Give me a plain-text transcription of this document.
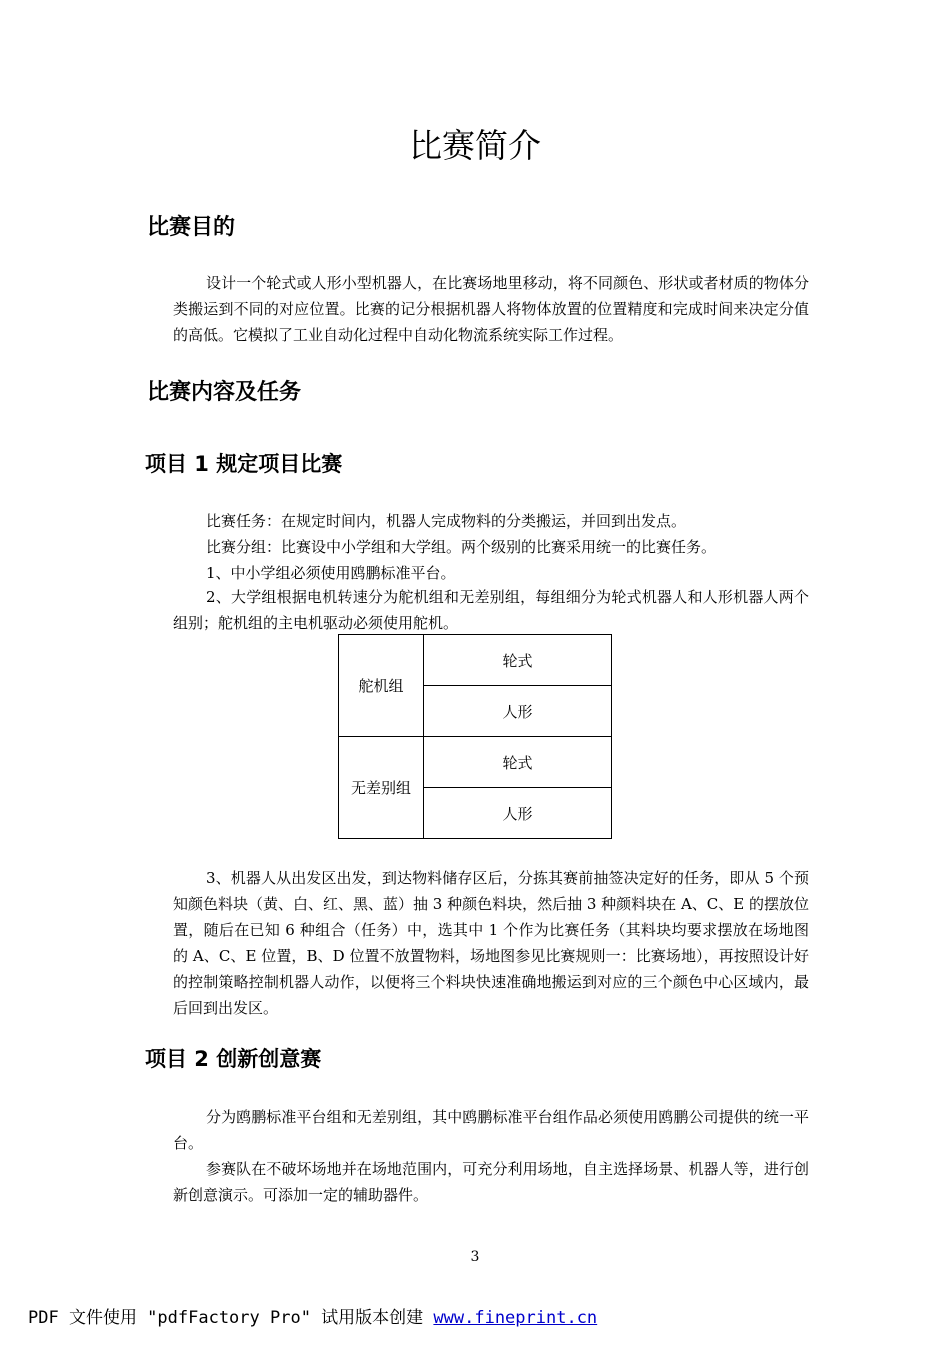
比赛简介
比赛目的

设计一个轮式或人形小型机器人，在比赛场地里移动，将不同颜色、形状或者材质的物体分类搬运到不同的对应位置。比赛的记分根据机器人将物体放置的位置精度和完成时间来决定分值的高低。它模拟了工业自动化过程中自动化物流系统实际工作过程。

比赛内容及任务
项目 1 规定项目比赛
比赛任务：在规定时间内，机器人完成物料的分类搬运，并回到出发点。
比赛分组：比赛设中小学组和大学组。两个级别的比赛采用统一的比赛任务。
1、中小学组必须使用鸥鹏标准平台。

2、大学组根据电机转速分为舵机组和无差别组，每组细分为轮式机器人和人形机器人两个组别；舵机组的主电机驱动必须使用舵机。

舵机组	轮式
	人形
无差别组	轮式
	人形

3、机器人从出发区出发，到达物料储存区后，分拣其赛前抽签决定好的任务，即从 5 个预知颜色料块（黄、白、红、黑、蓝）抽 3 种颜色料块，然后抽 3 种颜料块在 A、C、E 的摆放位置，随后在已知 6 种组合（任务）中，选其中 1 个作为比赛任务（其料块均要求摆放在场地图的 A、C、E 位置，B、D 位置不放置物料，场地图参见比赛规则一：比赛场地），再按照设计好的控制策略控制机器人动作，以便将三个料块快速准确地搬运到对应的三个颜色中心区域内，最后回到出发区。

项目 2 创新创意赛

分为鸥鹏标准平台组和无差别组，其中鸥鹏标准平台组作品必须使用鸥鹏公司提供的统一平台。

参赛队在不破坏场地并在场地范围内，可充分利用场地，自主选择场景、机器人等，进行创新创意演示。可添加一定的辅助器件。

3
PDF 文件使用 "pdfFactory Pro" 试用版本创建 www.fineprint.cn
